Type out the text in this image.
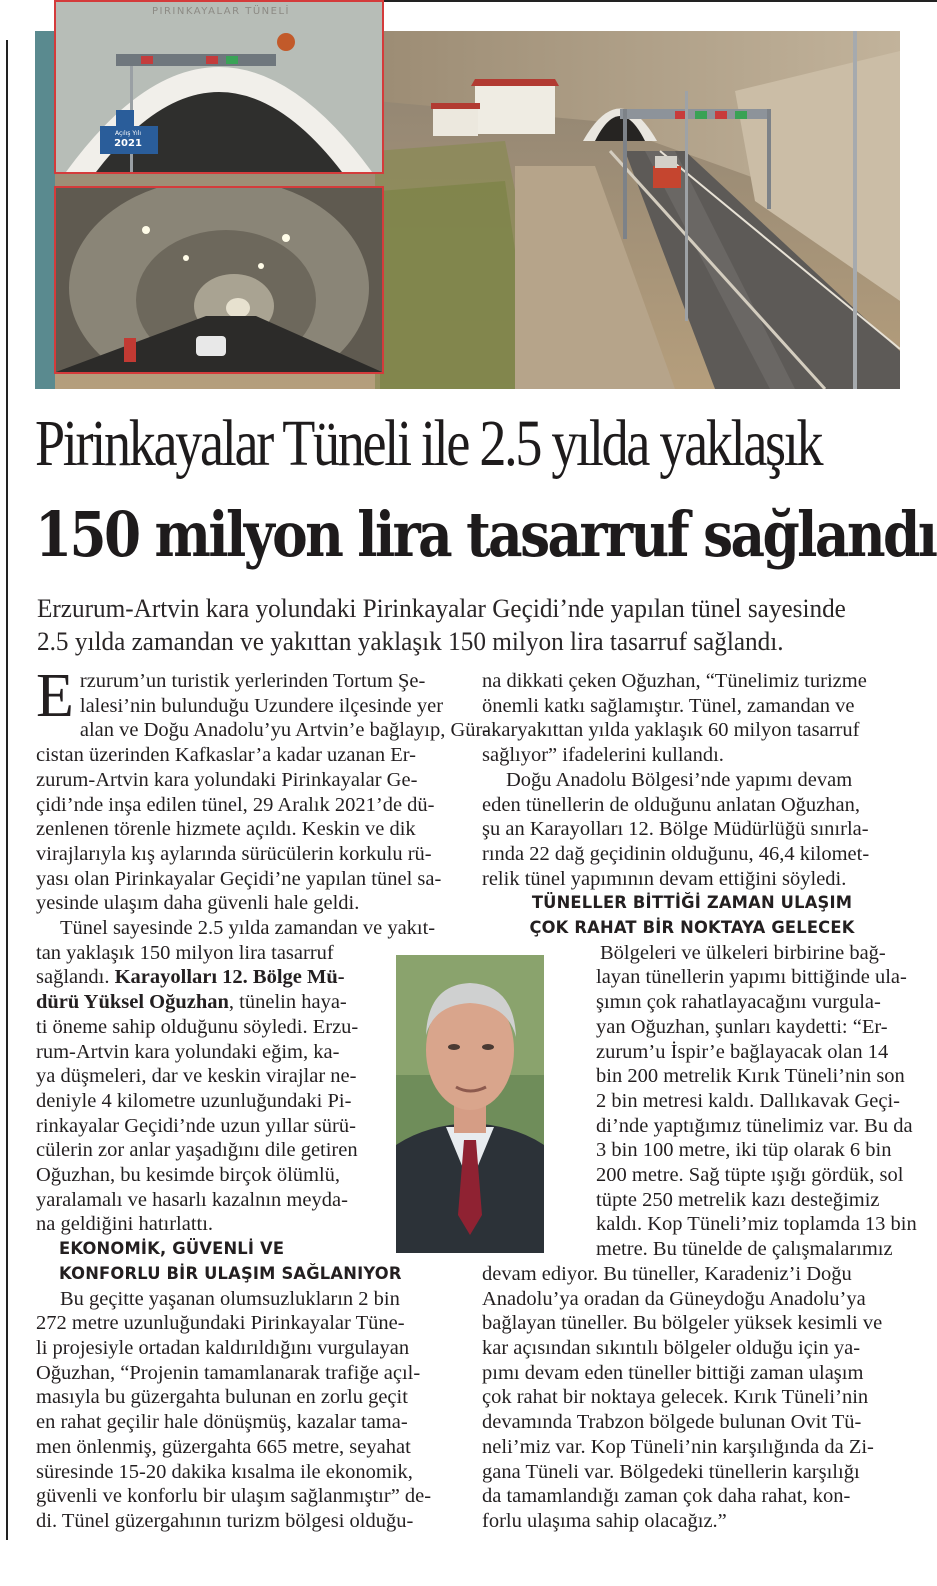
PIRINKAYALAR TÜNELİ
Açılış Yılı
2021
Pirinkayalar Tüneli ile 2.5 yılda yaklaşık
150 milyon lira tasarruf sağlandı
Erzurum-Artvin kara yolundaki Pirinkayalar Geçidi’nde yapılan tünel sayesinde
2.5 yılda zamandan ve yakıttan yaklaşık 150 milyon lira tasarruf sağlandı.
E rzurum’un turistik yerlerinden Tortum Şe-
lalesi’nin bulunduğu Uzundere ilçesinde yer
alan ve Doğu Anadolu’yu Artvin’e bağlayıp, Gür-
cistan üzerinden Kafkaslar’a kadar uzanan Er-
zurum-Artvin kara yolundaki Pirinkayalar Ge-
çidi’nde inşa edilen tünel, 29 Aralık 2021’de dü-
zenlenen törenle hizmete açıldı. Keskin ve dik
virajlarıyla kış aylarında sürücülerin korkulu rü-
yası olan Pirinkayalar Geçidi’ne yapılan tünel sa-
yesinde ulaşım daha güvenli hale geldi.
Tünel sayesinde 2.5 yılda zamandan ve yakıt-
tan yaklaşık 150 milyon lira tasarruf
sağlandı. Karayolları 12. Bölge Mü-
dürü Yüksel Oğuzhan, tünelin haya-
ti öneme sahip olduğunu söyledi. Erzu-
rum-Artvin kara yolundaki eğim, ka-
ya düşmeleri, dar ve keskin virajlar ne-
deniyle 4 kilometre uzunluğundaki Pi-
rinkayalar Geçidi’nde uzun yıllar sürü-
cülerin zor anlar yaşadığını dile getiren
Oğuzhan, bu kesimde birçok ölümlü,
yaralamalı ve hasarlı kazalnın meyda-
na geldiğini hatırlattı.
EKONOMİK, GÜVENLİ VE
KONFORLU BİR ULAŞIM SAĞLANIYOR
Bu geçitte yaşanan olumsuzlukların 2 bin
272 metre uzunluğundaki Pirinkayalar Tüne-
li projesiyle ortadan kaldırıldığını vurgulayan
Oğuzhan, “Projenin tamamlanarak trafiğe açıl-
masıyla bu güzergahta bulunan en zorlu geçit
en rahat geçilir hale dönüşmüş, kazalar tama-
men önlenmiş, güzergahta 665 metre, seyahat
süresinde 15-20 dakika kısalma ile ekonomik,
güvenli ve konforlu bir ulaşım sağlanmıştır” de-
di. Tünel güzergahının turizm bölgesi olduğu-
na dikkati çeken Oğuzhan, “Tünelimiz turizme
önemli katkı sağlamıştır. Tünel, zamandan ve
akaryakıttan yılda yaklaşık 60 milyon tasarruf
sağlıyor” ifadelerini kullandı.
Doğu Anadolu Bölgesi’nde yapımı devam
eden tünellerin de olduğunu anlatan Oğuzhan,
şu an Karayolları 12. Bölge Müdürlüğü sınırla-
rında 22 dağ geçidinin olduğunu, 46,4 kilomet-
relik tünel yapımının devam ettiğini söyledi.
TÜNELLER BİTTİĞİ ZAMAN ULAŞIM
ÇOK RAHAT BİR NOKTAYA GELECEK
Bölgeleri ve ülkeleri birbirine bağ-
layan tünellerin yapımı bittiğinde ula-
şımın çok rahatlayacağını vurgula-
yan Oğuzhan, şunları kaydetti: “Er-
zurum’u İspir’e bağlayacak olan 14
bin 200 metrelik Kırık Tüneli’nin son
2 bin metresi kaldı. Dallıkavak Geçi-
di’nde yaptığımız tünelimiz var. Bu da
3 bin 100 metre, iki tüp olarak 6 bin
200 metre. Sağ tüpte ışığı gördük, sol
tüpte 250 metrelik kazı desteğimiz
kaldı. Kop Tüneli’miz toplamda 13 bin
metre. Bu tünelde de çalışmalarımız
devam ediyor. Bu tüneller, Karadeniz’i Doğu
Anadolu’ya oradan da Güneydoğu Anadolu’ya
bağlayan tüneller. Bu bölgeler yüksek kesimli ve
kar açısından sıkıntılı bölgeler olduğu için ya-
pımı devam eden tüneller bittiği zaman ulaşım
çok rahat bir noktaya gelecek. Kırık Tüneli’nin
devamında Trabzon bölgede bulunan Ovit Tü-
neli’miz var. Kop Tüneli’nin karşılığında da Zi-
gana Tüneli var. Bölgedeki tünellerin karşılığı
da tamamlandığı zaman çok daha rahat, kon-
forlu ulaşıma sahip olacağız.”
